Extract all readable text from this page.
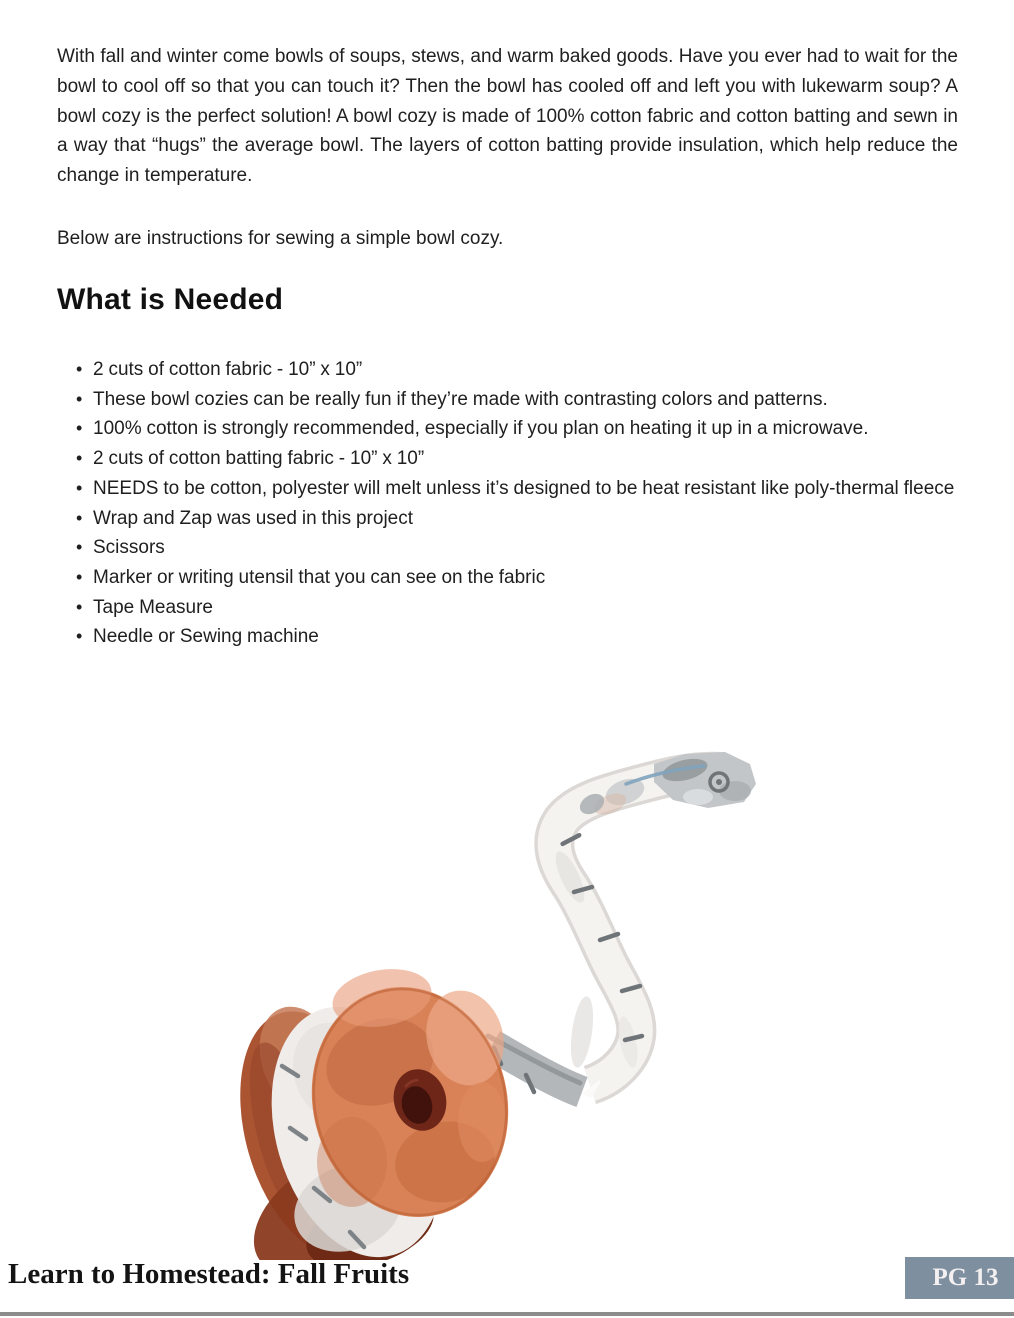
With fall and winter come bowls of soups, stews, and warm baked goods. Have you ever had to wait for the bowl to cool off so that you can touch it? Then the bowl has cooled off and left you with lukewarm soup? A bowl cozy is the perfect solution! A bowl cozy is made of 100% cotton fabric and cotton batting and sewn in a way that “hugs” the average bowl. The layers of cotton batting provide insulation, which help reduce the change in temperature.

Below are instructions for sewing a simple bowl cozy.

What is Needed
• 2 cuts of cotton fabric - 10” x 10”
• These bowl cozies can be really fun if they’re made with contrasting colors and patterns.
• 100% cotton is strongly recommended, especially if you plan on heating it up in a microwave.
• 2 cuts of cotton batting fabric - 10” x 10”
• NEEDS to be cotton, polyester will melt unless it’s designed to be heat resistant like poly-thermal fleece
• Wrap and Zap was used in this project
• Scissors
• Marker or writing utensil that you can see on the fabric
• Tape Measure
• Needle or Sewing machine
Learn to Homestead: Fall Fruits	PG 13
